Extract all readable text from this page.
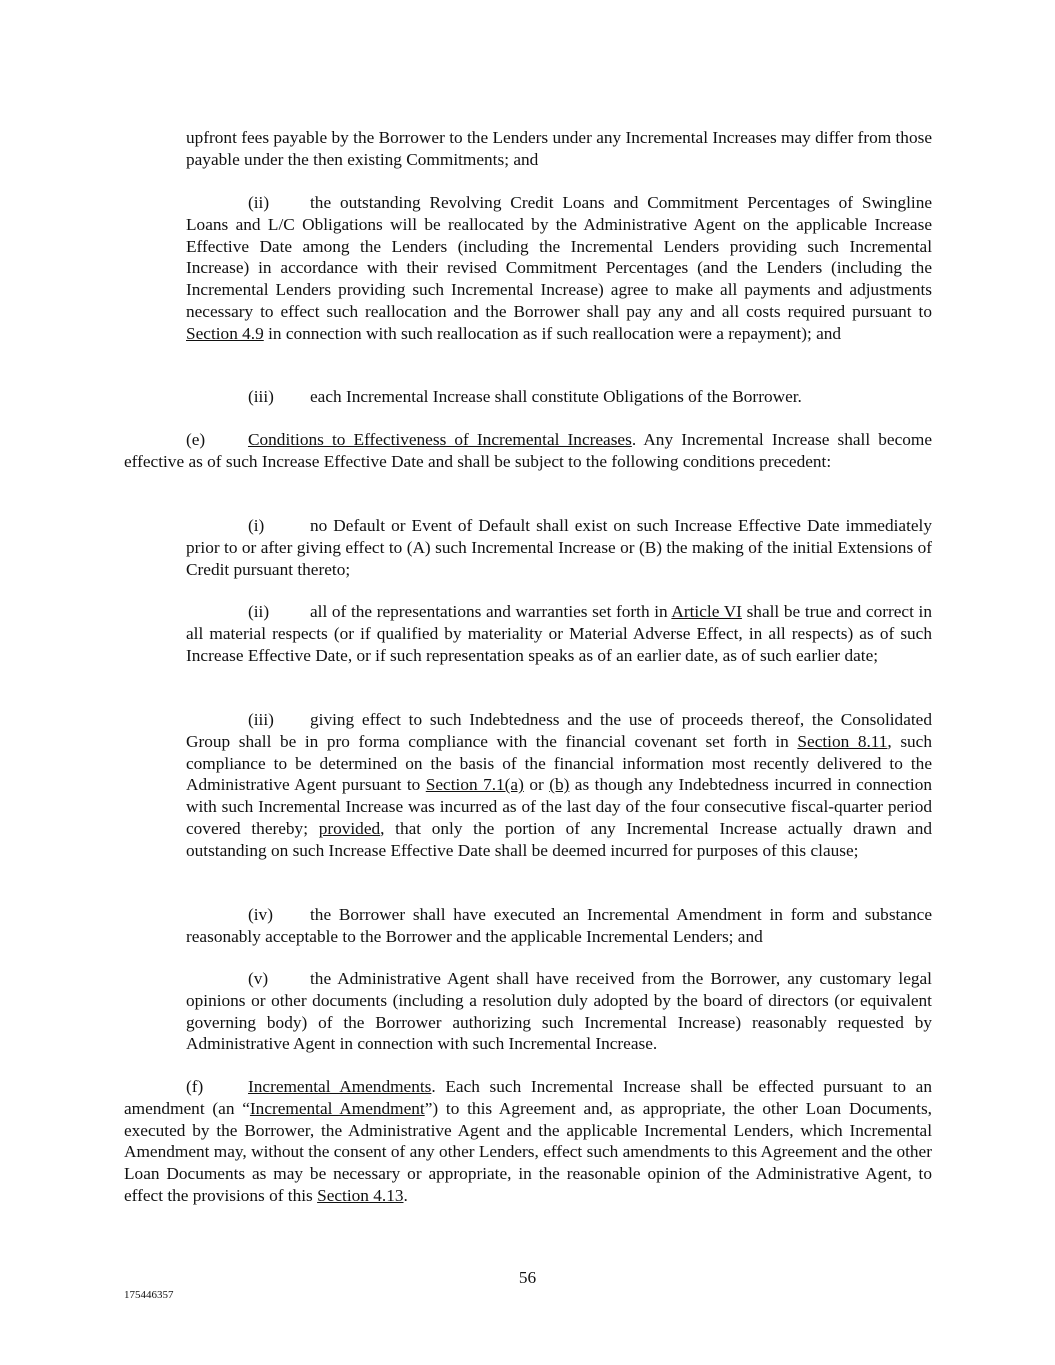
upfront fees payable by the Borrower to the Lenders under any Incremental Increases may differ from those payable under the then existing Commitments; and

(ii) the outstanding Revolving Credit Loans and Commitment Percentages of Swingline Loans and L/C Obligations will be reallocated by the Administrative Agent on the applicable Increase Effective Date among the Lenders (including the Incremental Lenders providing such Incremental Increase) in accordance with their revised Commitment Percentages (and the Lenders (including the Incremental Lenders providing such Incremental Increase) agree to make all payments and adjustments necessary to effect such reallocation and the Borrower shall pay any and all costs required pursuant to Section 4.9 in connection with such reallocation as if such reallocation were a repayment); and

(iii) each Incremental Increase shall constitute Obligations of the Borrower.

(e) Conditions to Effectiveness of Incremental Increases. Any Incremental Increase shall become effective as of such Increase Effective Date and shall be subject to the following conditions precedent:

(i)	no Default or Event of Default shall exist on such Increase Effective Date immediately prior to or after giving effect to (A) such Incremental Increase or (B) the making of the initial Extensions of Credit pursuant thereto;

(ii) all of the representations and warranties set forth in Article VI shall be true and correct in all material respects (or if qualified by materiality or Material Adverse Effect, in all respects) as of such Increase Effective Date, or if such representation speaks as of an earlier date, as of such earlier date;

(iii) giving effect to such Indebtedness and the use of proceeds thereof, the Consolidated Group shall be in pro forma compliance with the financial covenant set forth in Section 8.11, such compliance to be determined on the basis of the financial information most recently delivered to the Administrative Agent pursuant to Section 7.1(a) or (b) as though any Indebtedness incurred in connection with such Incremental Increase was incurred as of the last day of the four consecutive fiscal-quarter period covered thereby; provided, that only the portion of any Incremental Increase actually drawn and outstanding on such Increase Effective Date shall be deemed incurred for purposes of this clause;

(iv) the Borrower shall have executed an Incremental Amendment in form and substance reasonably acceptable to the Borrower and the applicable Incremental Lenders; and

(v) the Administrative Agent shall have received from the Borrower, any customary legal opinions or other documents (including a resolution duly adopted by the board of directors (or equivalent governing body) of the Borrower authorizing such Incremental Increase) reasonably requested by Administrative Agent in connection with such Incremental Increase.

(f)	Incremental Amendments. Each such Incremental Increase shall be effected pursuant to an amendment (an “Incremental Amendment”) to this Agreement and, as appropriate, the other Loan Documents, executed by the Borrower, the Administrative Agent and the applicable Incremental Lenders, which Incremental Amendment may, without the consent of any other Lenders, effect such amendments to this Agreement and the other Loan Documents as may be necessary or appropriate, in the reasonable opinion of the Administrative Agent, to effect the provisions of this Section 4.13.

56
175446357
